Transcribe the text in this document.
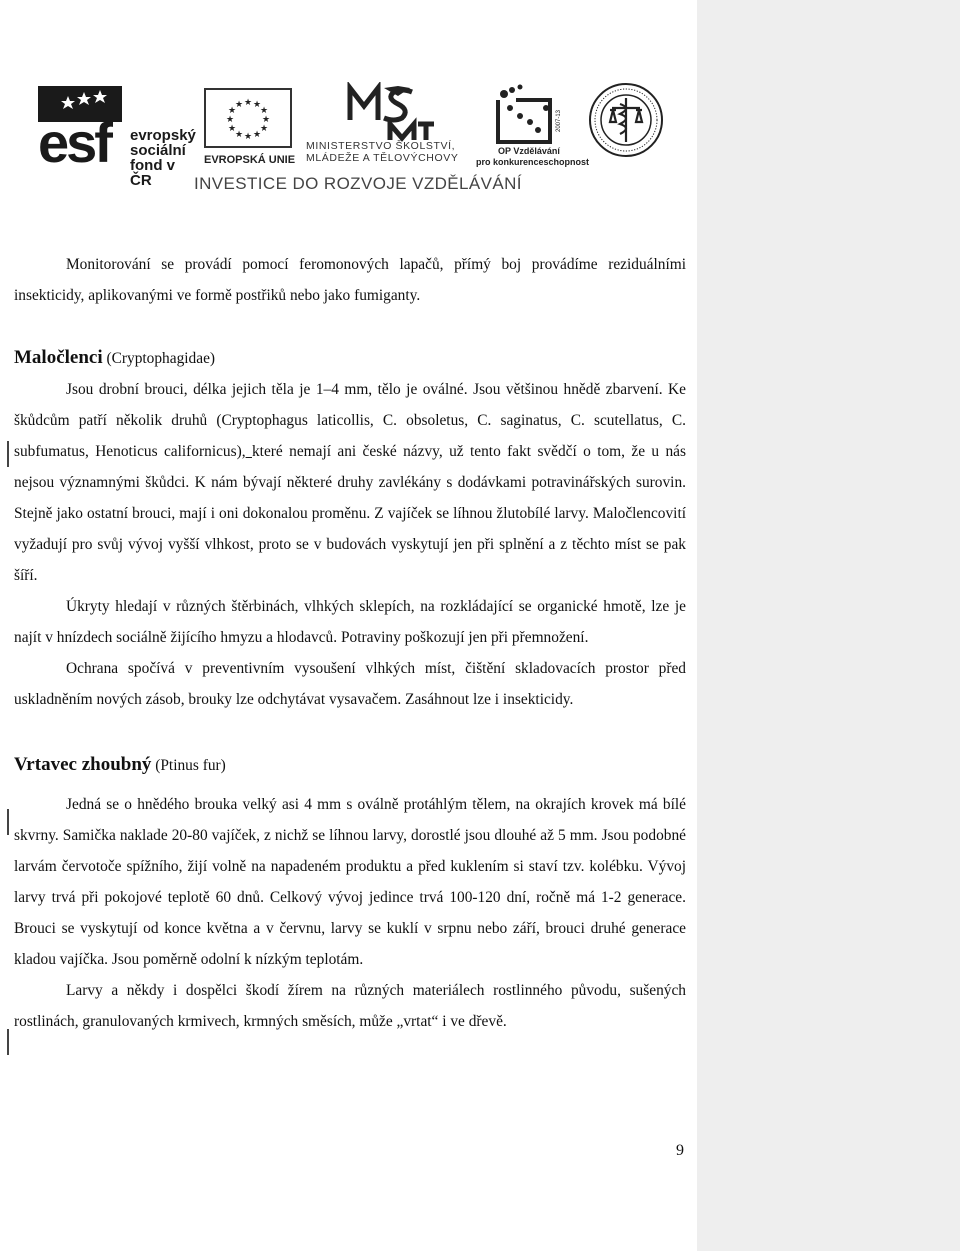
esf evropský
sociální
fond v ČR
★ ★
★
★
★
★
★
★
★
★
★
★
EVROPSKÁ UNIE
MINISTERSTVO ŠKOLSTVÍ,
MLÁDEŽE A TĚLOVÝCHOVY
2007-13
OP Vzdělávání
pro konkurenceschopnost
INVESTICE DO ROZVOJE VZDĚLÁVÁNÍ

Monitorování se provádí pomocí feromonových lapačů, přímý boj provádíme reziduálními insekticidy, aplikovanými ve formě postřiků nebo jako fumiganty.

Maločlenci (Cryptophagidae)

Jsou drobní brouci, délka jejich těla je 1–4 mm, tělo je oválné. Jsou většinou hnědě zbarvení. Ke škůdcům patří několik druhů (Cryptophagus laticollis, C. obsoletus, C. saginatus, C. scutellatus, C. subfumatus, Henoticus californicus), které nemají ani české názvy, už tento fakt svědčí o tom, že u nás nejsou významnými škůdci. K nám bývají některé druhy zavlékány s dodávkami potravinářských surovin. Stejně jako ostatní brouci, mají i oni dokonalou proměnu. Z vajíček se líhnou žlutobílé larvy. Maločlencovití vyžadují pro svůj vývoj vyšší vlhkost, proto se v budovách vyskytují jen při splnění a z těchto míst se pak šíří.

Úkryty hledají v různých štěrbinách, vlhkých sklepích, na rozkládající se organické hmotě, lze je najít v hnízdech sociálně žijícího hmyzu a hlodavců. Potraviny poškozují jen při přemnožení.

Ochrana spočívá v preventivním vysoušení vlhkých míst, čištění skladovacích prostor před uskladněním nových zásob, brouky lze odchytávat vysavačem. Zasáhnout lze i insekticidy.

Vrtavec zhoubný (Ptinus fur)

Jedná se o hnědého brouka velký asi 4 mm s oválně protáhlým tělem, na okrajích krovek má bílé skvrny. Samička naklade 20-80 vajíček, z nichž se líhnou larvy, dorostlé jsou dlouhé až 5 mm. Jsou podobné larvám červotoče spížního, žijí volně na napadeném produktu a před kuklením si staví tzv. kolébku. Vývoj larvy trvá při pokojové teplotě 60 dnů. Celkový vývoj jedince trvá 100-120 dní, ročně má 1-2 generace. Brouci se vyskytují od konce května a v červnu, larvy se kuklí v srpnu nebo září, brouci druhé generace kladou vajíčka. Jsou poměrně odolní k nízkým teplotám.

Larvy a někdy i dospělci škodí žírem na různých materiálech rostlinného původu, sušených rostlinách, granulovaných krmivech, krmných směsích, může „vrtat“ i ve dřevě.

9
